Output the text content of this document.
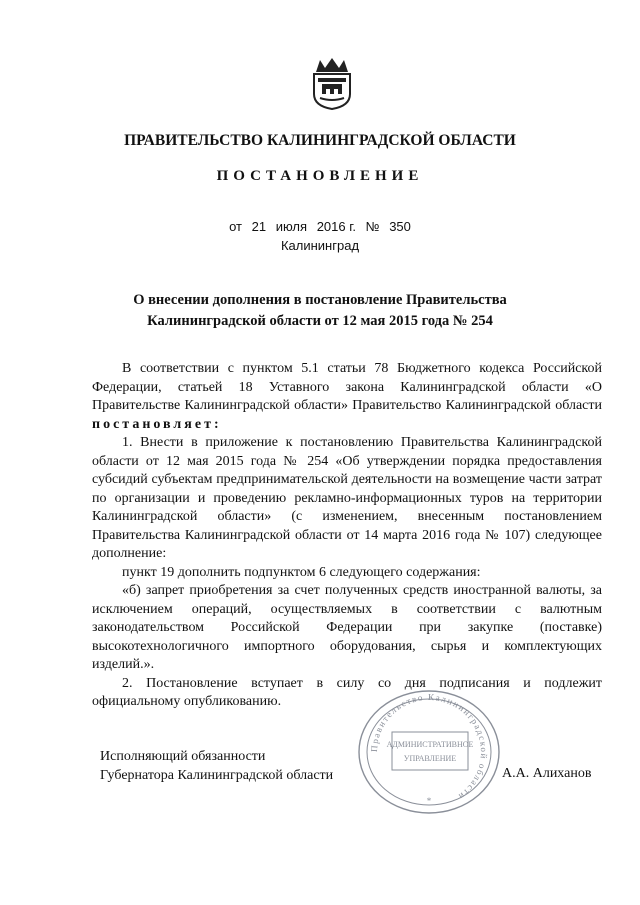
ПРАВИТЕЛЬСТВО КАЛИНИНГРАДСКОЙ ОБЛАСТИ
ПОСТАНОВЛЕНИЕ
от 21 июля 2016 г. № 350
Калининград
О внесении дополнения в постановление Правительства
Калининградской области от 12 мая 2015 года № 254

В соответствии с пунктом 5.1 статьи 78 Бюджетного кодекса Российской Федерации, статьей 18 Уставного закона Калининградской области «О Правительстве Калининградской области» Правительство Калининградской области постановляет:

1. Внести в приложение к постановлению Правительства Калининградской области от 12 мая 2015 года № 254 «Об утверждении порядка предоставления субсидий субъектам предпринимательской деятельности на возмещение части затрат по организации и проведению рекламно-информационных туров на территории Калининградской области» (с изменением, внесенным постановлением Правительства Калининградской области от 14 марта 2016 года № 107) следующее дополнение:

пункт 19 дополнить подпунктом 6 следующего содержания:

«б) запрет приобретения за счет полученных средств иностранной валюты, за исключением операций, осуществляемых в соответствии с валютным законодательством Российской Федерации при закупке (поставке) высокотехнологичного импортного оборудования, сырья и комплектующих изделий.».

2. Постановление вступает в силу со дня подписания и подлежит официальному опубликованию.

Исполняющий обязанности
Губернатора Калининградской области	А.А. Алиханов
Правительство Калининградской области
АДМИНИСТРАТИВНОЕ
УПРАВЛЕНИЕ
*
